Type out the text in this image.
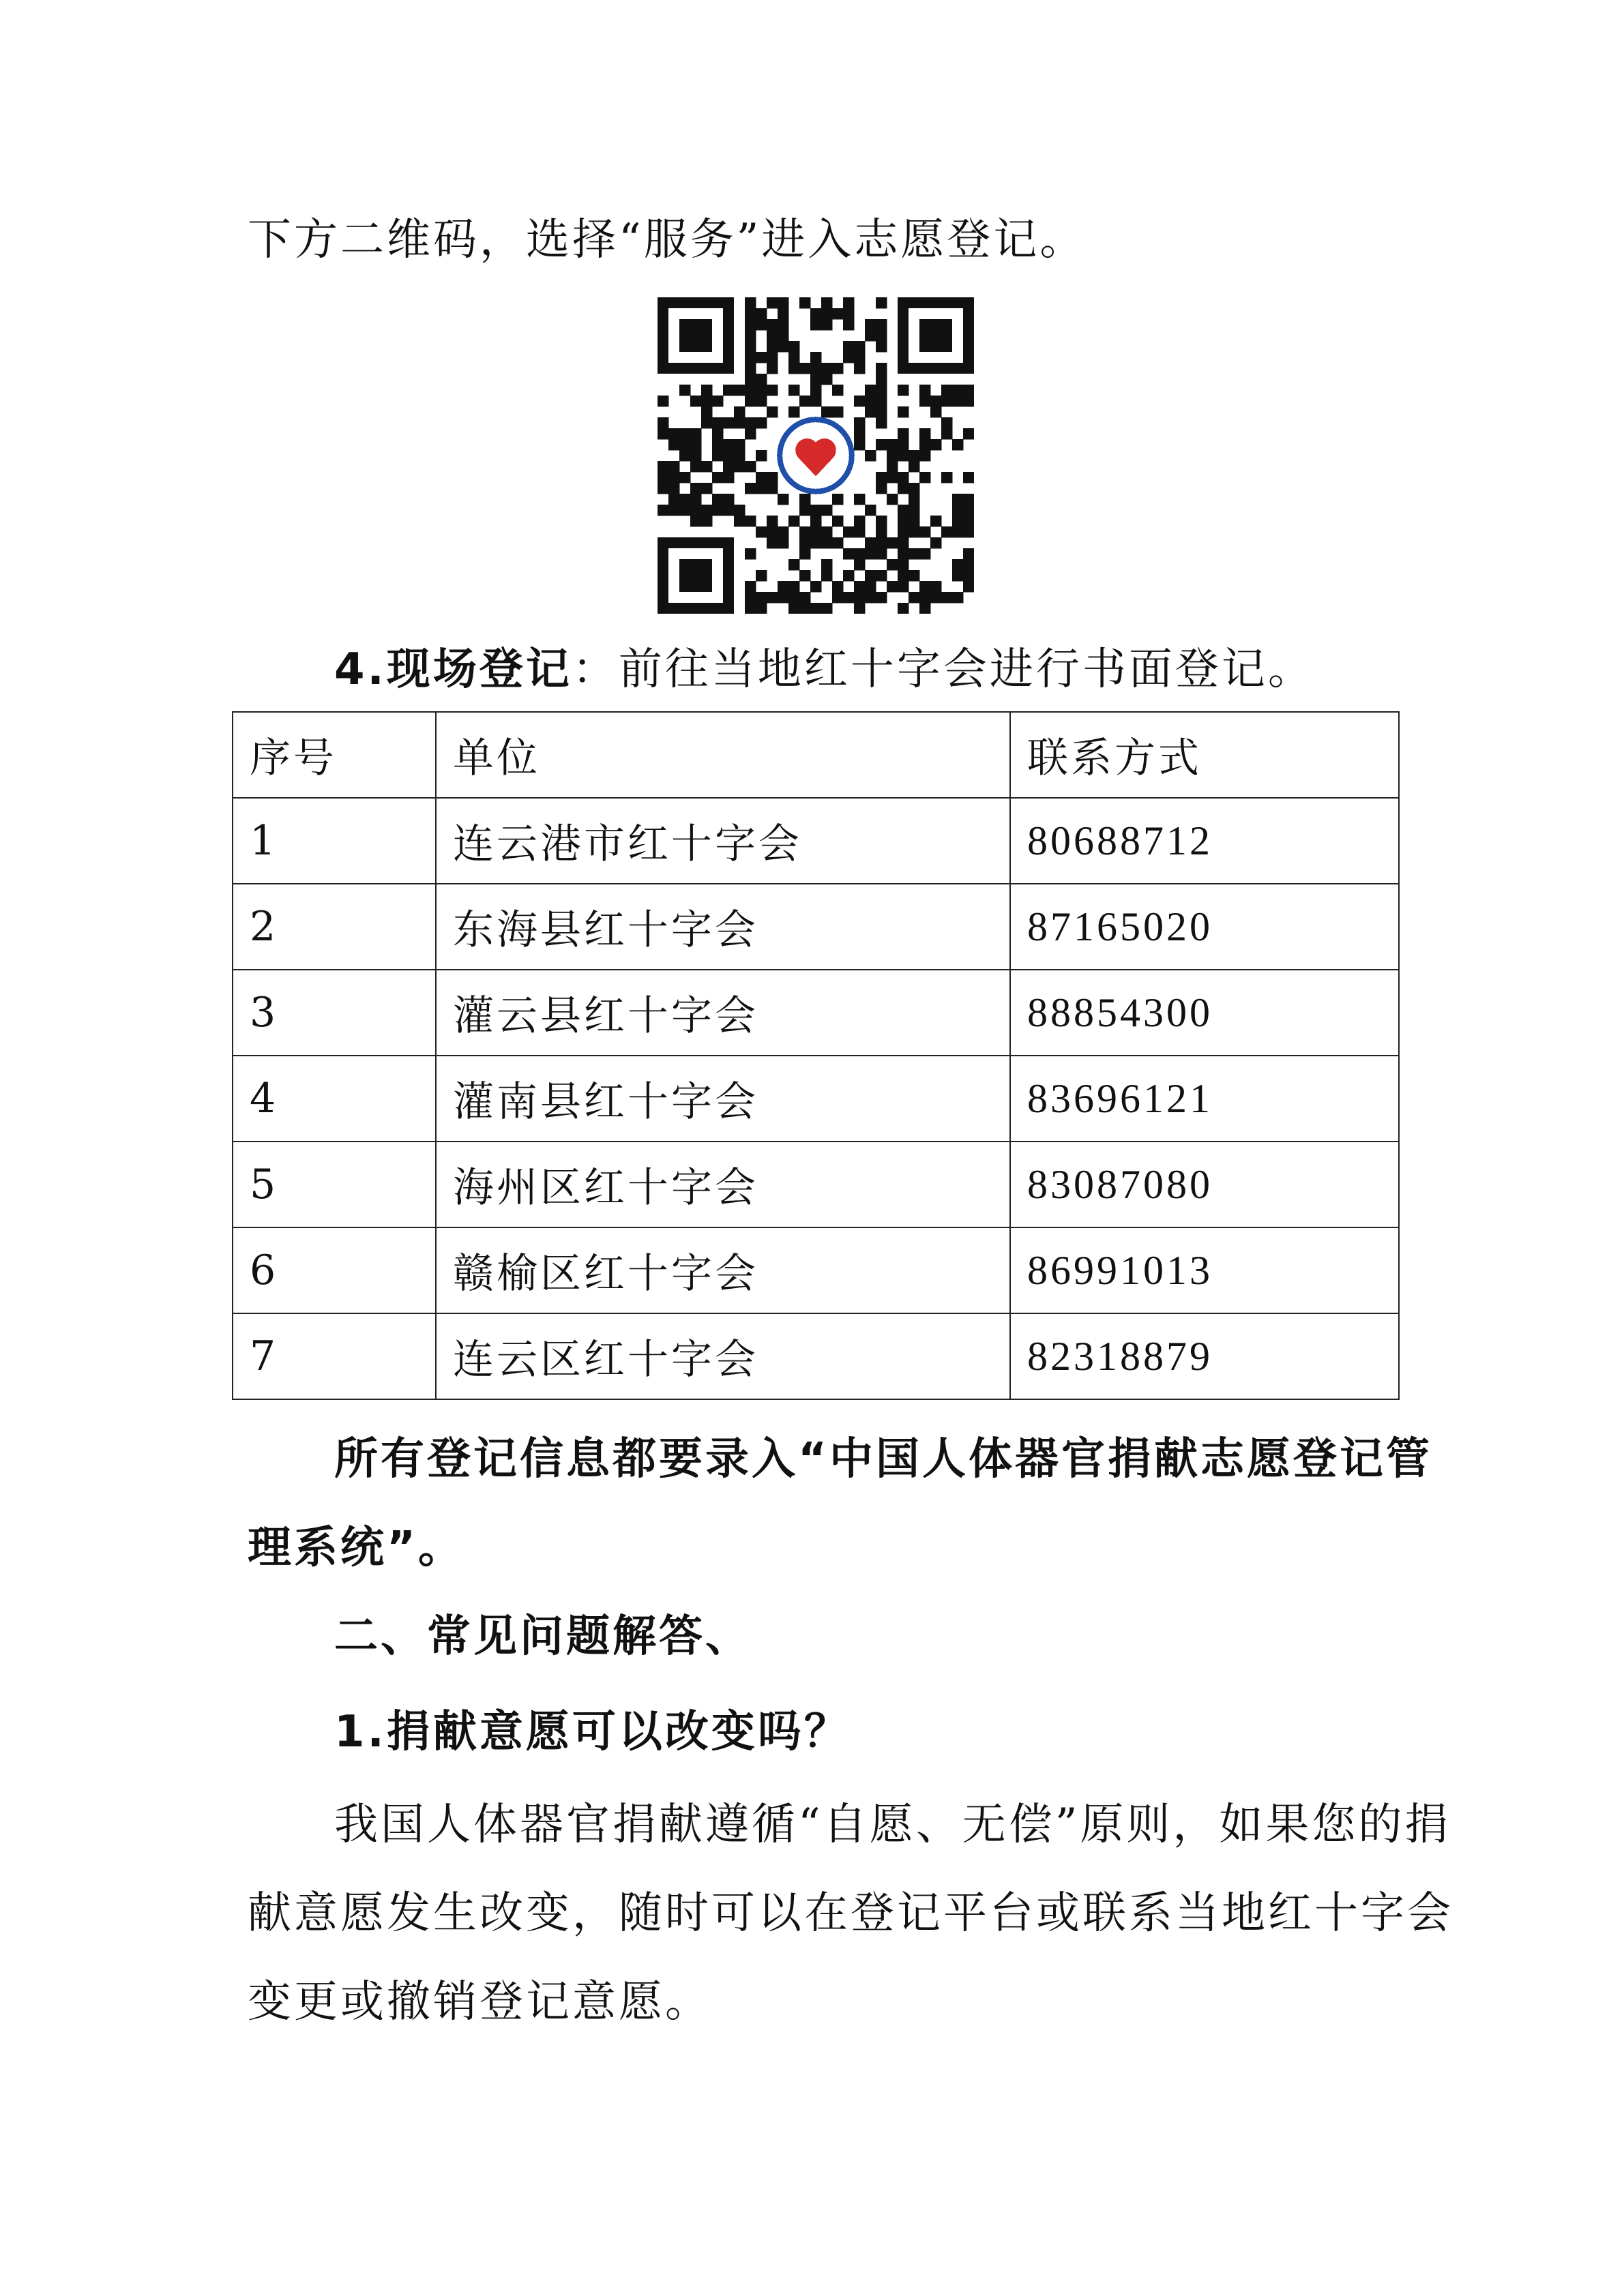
下方二维码，选择“服务”进入志愿登记。
4.现场登记：前往当地红十字会进行书面登记。
序号	单位	联系方式
1	连云港市红十字会	80688712
2	东海县红十字会	87165020
3	灌云县红十字会	88854300
4	灌南县红十字会	83696121
5	海州区红十字会	83087080
6	赣榆区红十字会	86991013
7	连云区红十字会	82318879
所有登记信息都要录入“中国人体器官捐献志愿登记管
理系统”。
二、常见问题解答、
1.捐献意愿可以改变吗？
我国人体器官捐献遵循“自愿、无偿”原则，如果您的捐
献意愿发生改变，随时可以在登记平台或联系当地红十字会
变更或撤销登记意愿。
